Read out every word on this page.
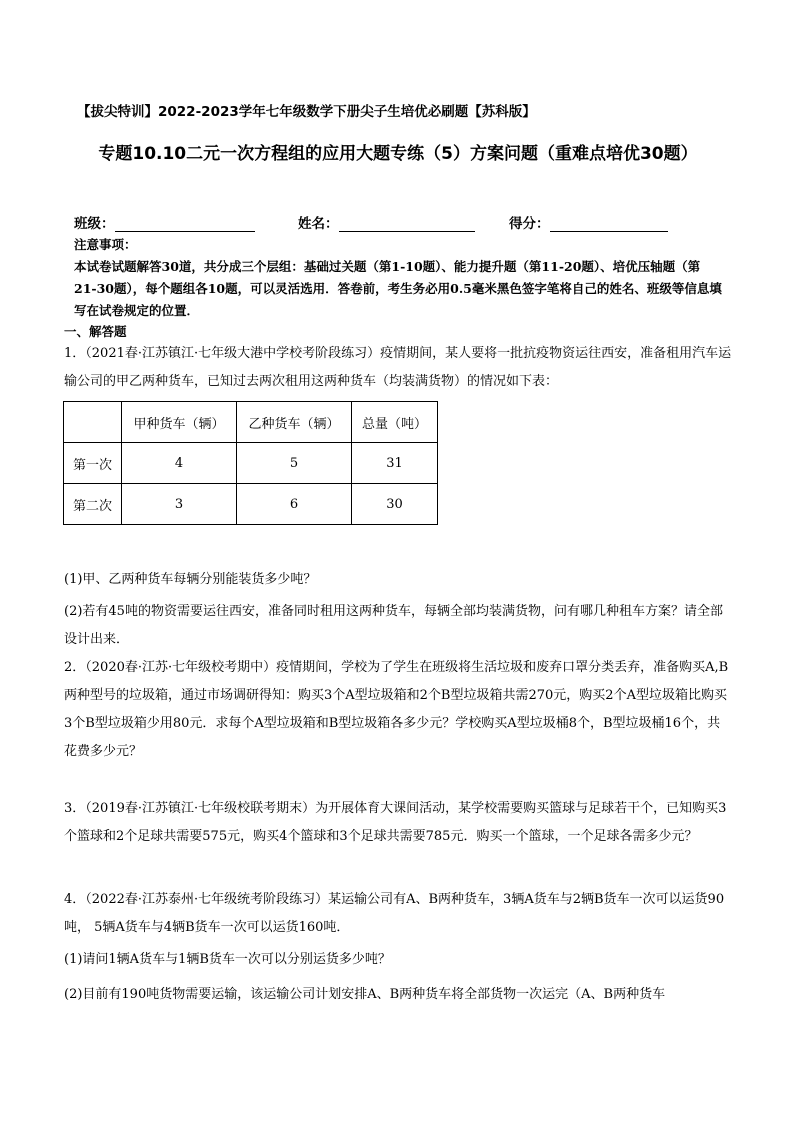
【拔尖特训】2022-2023学年七年级数学下册尖子生培优必刷题【苏科版】
专题10.10二元一次方程组的应用大题专练（5）方案问题（重难点培优30题）
班级：	姓名：	得分：
注意事项：
本试卷试题解答30道，共分成三个层组：基础过关题（第1-10题）、能力提升题（第11-20题）、培优压轴题（第21-30题），每个题组各10题，可以灵活选用．答卷前，考生务必用0.5毫米黑色签字笔将自己的姓名、班级等信息填写在试卷规定的位置．
一、解答题
1．（2021春·江苏镇江·七年级大港中学校考阶段练习）疫情期间，某人要将一批抗疫物资运往西安，准备租用汽车运输公司的甲乙两种货车，已知过去两次租用这两种货车（均装满货物）的情况如下表：
	甲种货车（辆）	乙种货车（辆）	总量（吨）
第一次	4	5	31
第二次	3	6	30
(1)甲、乙两种货车每辆分别能装货多少吨？
(2)若有45吨的物资需要运往西安，准备同时租用这两种货车，每辆全部均装满货物，问有哪几种租车方案？请全部设计出来．
2．（2020春·江苏·七年级校考期中）疫情期间，学校为了学生在班级将生活垃圾和废弃口罩分类丢弃，准备购买A,B两种型号的垃圾箱，通过市场调研得知：购买3个A型垃圾箱和2个B型垃圾箱共需270元，购买2个A型垃圾箱比购买3个B型垃圾箱少用80元．求每个A型垃圾箱和B型垃圾箱各多少元？学校购买A型垃圾桶8个，B型垃圾桶16个，共花费多少元？
3．（2019春·江苏镇江·七年级校联考期末）为开展体育大课间活动，某学校需要购买篮球与足球若干个，已知购买3个篮球和2个足球共需要575元，购买4个篮球和3个足球共需要785元．购买一个篮球，一个足球各需多少元？
4．（2022春·江苏泰州·七年级统考阶段练习）某运输公司有A、B两种货车，3辆A货车与2辆B货车一次可以运货90吨， 5辆A货车与4辆B货车一次可以运货160吨．
(1)请问1辆A货车与1辆B货车一次可以分别运货多少吨？
(2)目前有190吨货物需要运输，该运输公司计划安排A、B两种货车将全部货物一次运完（A、B两种货车
